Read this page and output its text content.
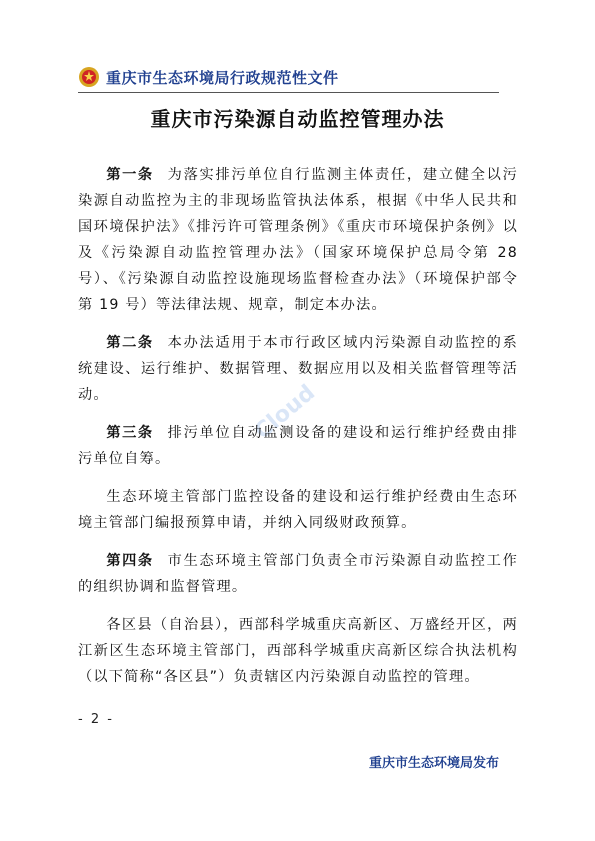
重庆市生态环境局行政规范性文件
重庆市污染源自动监控管理办法
Cloud

第一条 为落实排污单位自行监测主体责任，建立健全以污染源自动监控为主的非现场监管执法体系，根据《中华人民共和国环境保护法》《排污许可管理条例》《重庆市环境保护条例》以及《污染源自动监控管理办法》（国家环境保护总局令第 28号）、《污染源自动监控设施现场监督检查办法》（环境保护部令第 19 号）等法律法规、规章，制定本办法。

第二条 本办法适用于本市行政区域内污染源自动监控的系统建设、运行维护、数据管理、数据应用以及相关监督管理等活动。

第三条 排污单位自动监测设备的建设和运行维护经费由排污单位自筹。

生态环境主管部门监控设备的建设和运行维护经费由生态环境主管部门编报预算申请，并纳入同级财政预算。

第四条 市生态环境主管部门负责全市污染源自动监控工作的组织协调和监督管理。

各区县（自治县），西部科学城重庆高新区、万盛经开区，两江新区生态环境主管部门，西部科学城重庆高新区综合执法机构（以下简称“各区县”）负责辖区内污染源自动监控的管理。

- 2 -
重庆市生态环境局发布
